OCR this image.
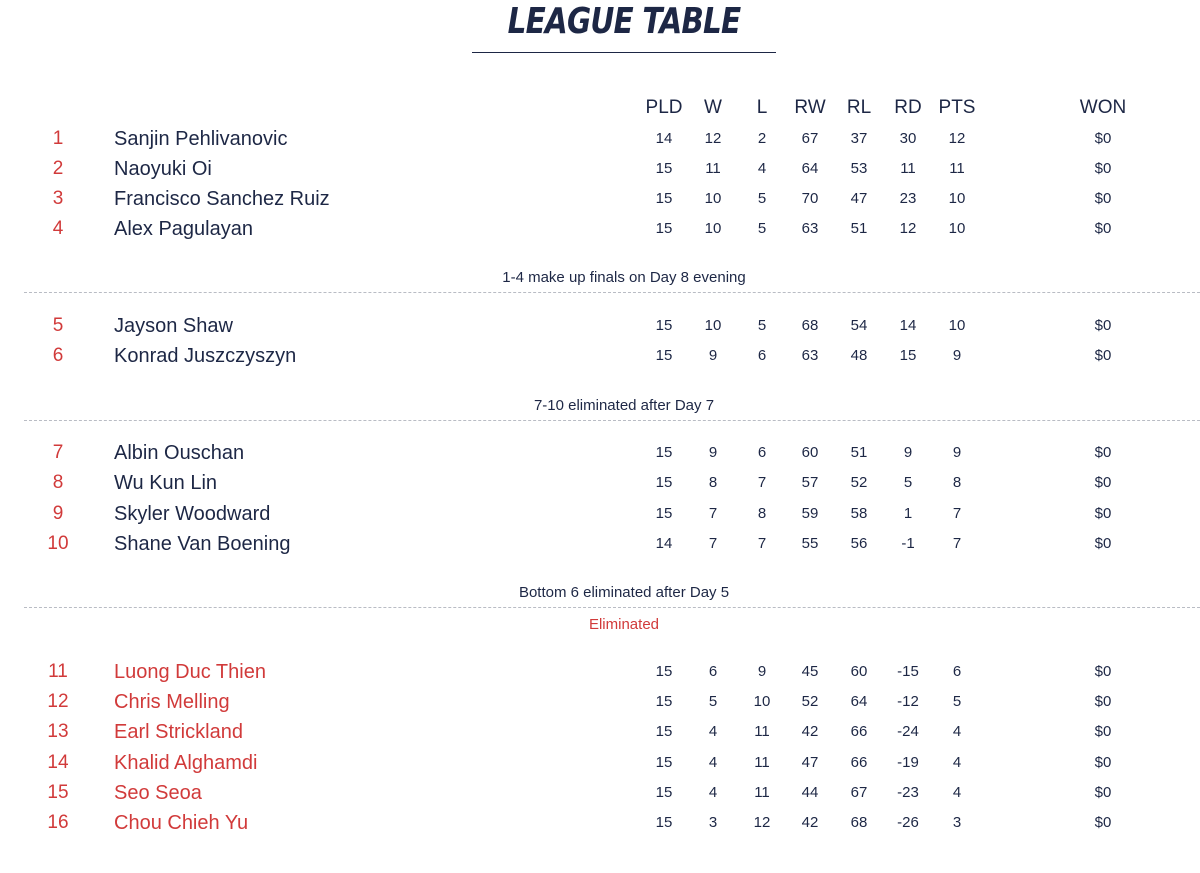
LEAGUE TABLE
PLD	W	L	RW	RL	RD PTS	WON
1	Sanjin Pehlivanovic	14	12	2	67	37	30	12	$0
2	Naoyuki Oi	15	11	4	64	53	11	11	$0
3	Francisco Sanchez Ruiz	15	10	5	70	47	23	10	$0
4	Alex Pagulayan	15	10	5	63	51	12	10	$0
1-4 make up finals on Day 8 evening
5	Jayson Shaw	15	10	5	68	54	14	10	$0
6	Konrad Juszczyszyn	15	9	6	63	48	15	9	$0
7-10 eliminated after Day 7
7	Albin Ouschan	15	9	6	60	51	9	9	$0
8	Wu Kun Lin	15	8	7	57	52	5	8	$0
9	Skyler Woodward	15	7	8	59	58	1	7	$0
10	Shane Van Boening	14	7	7	55	56	-1	7	$0
Bottom 6 eliminated after Day 5
Eliminated
11	Luong Duc Thien	15	6	9	45	60	-15	6	$0
12	Chris Melling	15	5	10	52	64	-12	5	$0
13	Earl Strickland	15	4	11	42	66	-24	4	$0
14	Khalid Alghamdi	15	4	11	47	66	-19	4	$0
15	Seo Seoa	15	4	11	44	67	-23	4	$0
16	Chou Chieh Yu	15	3	12	42	68	-26	3	$0
